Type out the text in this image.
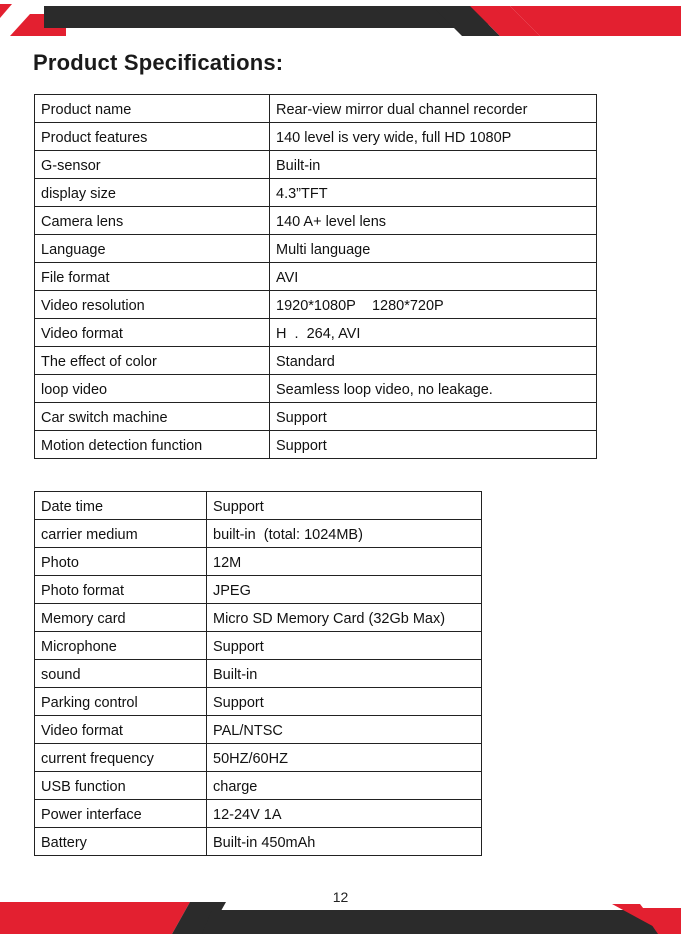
Product Specifications:
Product name	Rear-view mirror dual channel recorder
Product features	140 level is very wide, full HD 1080P
G-sensor	Built-in
display size	4.3”TFT
Camera lens	140 A+ level lens
Language	Multi language
File format	AVI
Video resolution	1920*1080P    1280*720P
Video format	H  .  264, AVI
The effect of color	Standard
loop video	Seamless loop video, no leakage.
Car switch machine	Support
Motion detection function	Support
Date time	Support
carrier medium	built-in  (total: 1024MB)
Photo	12M
Photo format	JPEG
Memory card	Micro SD Memory Card (32Gb Max)
Microphone	Support
sound	Built-in
Parking control	Support
Video format	PAL/NTSC
current frequency	50HZ/60HZ
USB function	charge
Power interface	12-24V 1A
Battery	Built-in 450mAh
12
